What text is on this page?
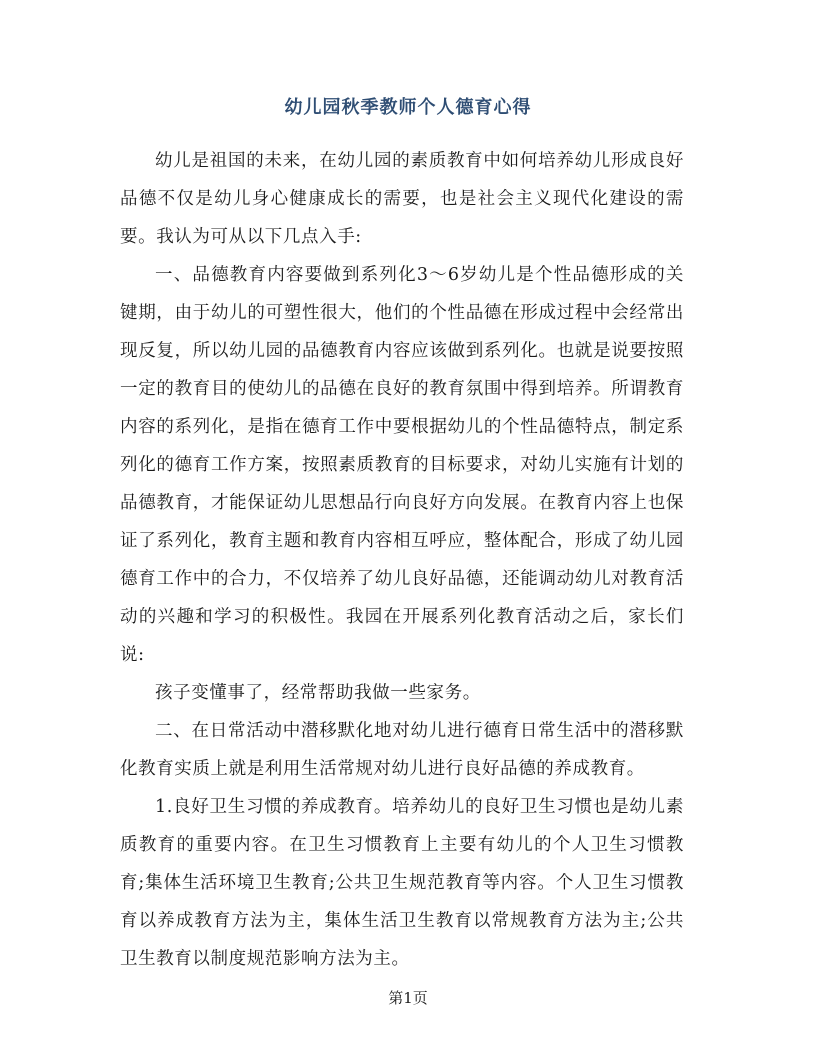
幼儿园秋季教师个人德育心得

幼儿是祖国的未来，在幼儿园的素质教育中如何培养幼儿形成良好品德不仅是幼儿身心健康成长的需要，也是社会主义现代化建设的需要。我认为可从以下几点入手:

一、品德教育内容要做到系列化3～6岁幼儿是个性品德形成的关键期，由于幼儿的可塑性很大，他们的个性品德在形成过程中会经常出现反复，所以幼儿园的品德教育内容应该做到系列化。也就是说要按照一定的教育目的使幼儿的品德在良好的教育氛围中得到培养。所谓教育内容的系列化，是指在德育工作中要根据幼儿的个性品德特点，制定系列化的德育工作方案，按照素质教育的目标要求，对幼儿实施有计划的品德教育，才能保证幼儿思想品行向良好方向发展。在教育内容上也保证了系列化，教育主题和教育内容相互呼应，整体配合，形成了幼儿园德育工作中的合力，不仅培养了幼儿良好品德，还能调动幼儿对教育活动的兴趣和学习的积极性。我园在开展系列化教育活动之后，家长们说:

孩子变懂事了，经常帮助我做一些家务。

二、在日常活动中潜移默化地对幼儿进行德育日常生活中的潜移默化教育实质上就是利用生活常规对幼儿进行良好品德的养成教育。

1.良好卫生习惯的养成教育。培养幼儿的良好卫生习惯也是幼儿素质教育的重要内容。在卫生习惯教育上主要有幼儿的个人卫生习惯教育;集体生活环境卫生教育;公共卫生规范教育等内容。个人卫生习惯教育以养成教育方法为主，集体生活卫生教育以常规教育方法为主;公共卫生教育以制度规范影响方法为主。

第1页
